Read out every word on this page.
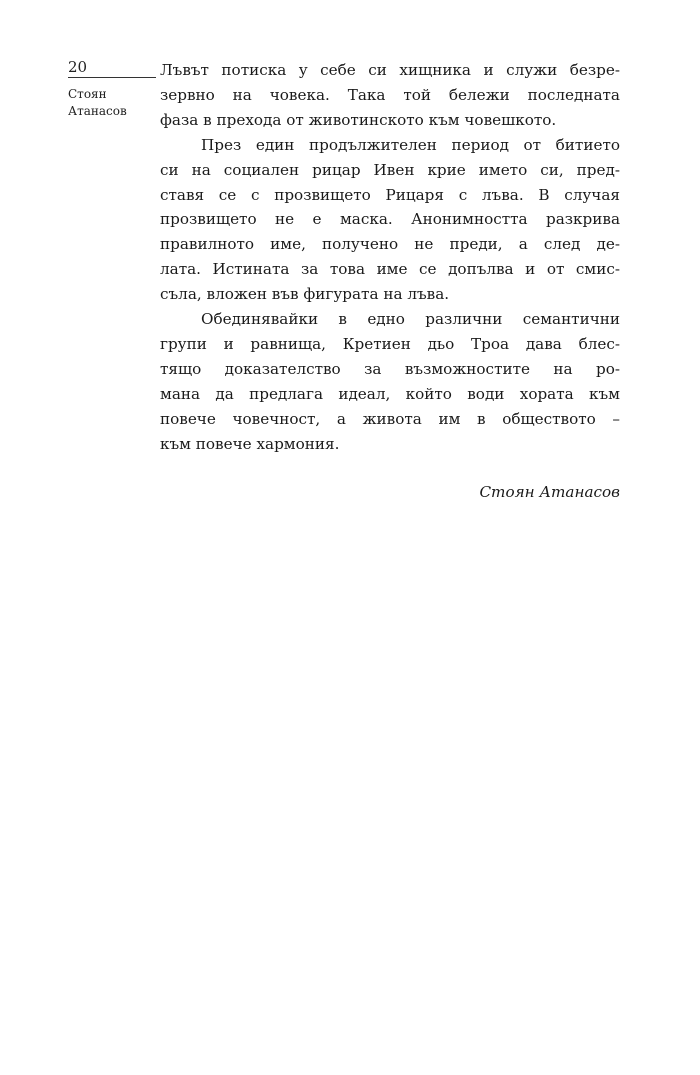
20
Стоян
Атанасов

Лъвът потиска у себе си хищника и служи безре-
зервно на човека. Така той бележи последната
фаза в прехода от животинското към човешкото.

През един продължителен период от битието
си на социален рицар Ивен крие името си, пред-
ставя се с прозвището Рицаря с лъва. В случая
прозвището не е маска. Анонимността разкрива
правилното име, получено не преди, а след де-
лата. Истината за това име се допълва и от смис-
съла, вложен във фигурата на лъва.

Обединявайки в едно различни семантични
групи и равнища, Кретиен дьо Троа дава блес-
тящо доказателство за възможностите на ро-
мана да предлага идеал, който води хората към
повече човечност, а живота им в обществото –
към повече хармония.

Стоян Атанасов
